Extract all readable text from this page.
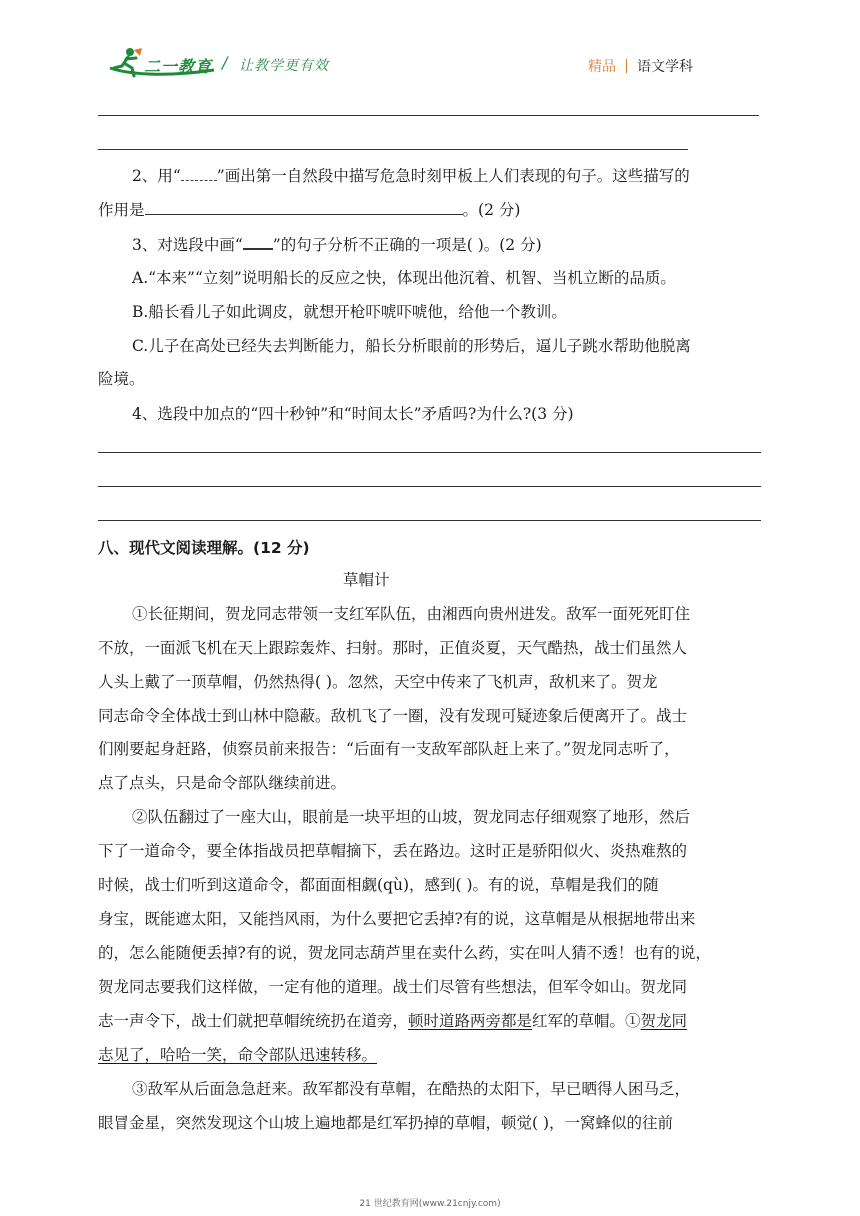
二一教育 / 让教学更有效	精品 语文学科
2、用“ ”画出第一自然段中描写危急时刻甲板上人们表现的句子。这些描写的
作用是	。(2 分)
3、对选段中画“ ”的句子分析不正确的一项是( )。(2 分)
A.“本来”“立刻”说明船长的反应之快，体现出他沉着、机智、当机立断的品质。
B.船长看儿子如此调皮，就想开枪吓唬吓唬他，给他一个教训。
C.儿子在高处已经失去判断能力，船长分析眼前的形势后，逼儿子跳水帮助他脱离
险境。
4、选段中加点的“四十秒钟”和“时间太长”矛盾吗?为什么?(3 分)
八、现代文阅读理解。(12 分)
草帽计
①长征期间，贺龙同志带领一支红军队伍，由湘西向贵州进发。敌军一面死死盯住
不放，一面派飞机在天上跟踪轰炸、扫射。那时，正值炎夏，天气酷热，战士们虽然人
人头上戴了一顶草帽，仍然热得( )。忽然，天空中传来了飞机声，敌机来了。贺龙
同志命令全体战士到山林中隐蔽。敌机飞了一圈，没有发现可疑迹象后便离开了。战士
们刚要起身赶路，侦察员前来报告：“后面有一支敌军部队赶上来了。”贺龙同志听了，
点了点头，只是命令部队继续前进。
②队伍翻过了一座大山，眼前是一块平坦的山坡，贺龙同志仔细观察了地形，然后
下了一道命令，要全体指战员把草帽摘下，丢在路边。这时正是骄阳似火、炎热难熬的
时候，战士们听到这道命令，都面面相觑(qù)，感到( )。有的说，草帽是我们的随
身宝，既能遮太阳，又能挡风雨，为什么要把它丢掉?有的说，这草帽是从根据地带出来
的，怎么能随便丢掉?有的说，贺龙同志葫芦里在卖什么药，实在叫人猜不透！也有的说，
贺龙同志要我们这样做，一定有他的道理。战士们尽管有些想法，但军令如山。贺龙同
志一声令下，战士们就把草帽统统扔在道旁，顿时道路两旁都是红军的草帽。①贺龙同
志见了，哈哈一笑，命令部队迅速转移。
③敌军从后面急急赶来。敌军都没有草帽，在酷热的太阳下，早已晒得人困马乏，
眼冒金星，突然发现这个山坡上遍地都是红军扔掉的草帽，顿觉( )，一窝蜂似的往前
21 世纪教育网(www.21cnjy.com)
